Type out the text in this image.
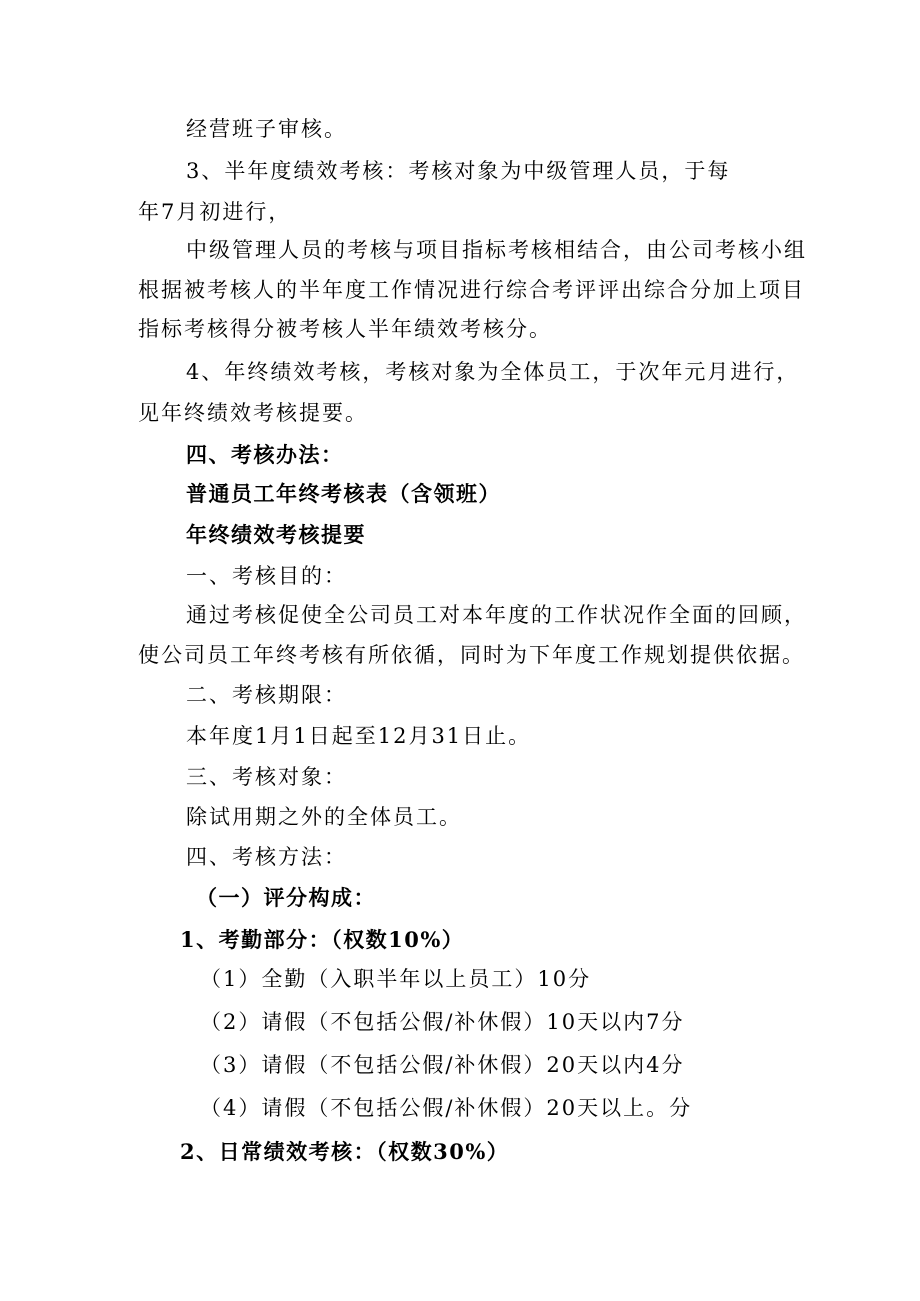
经营班子审核。
3、半年度绩效考核：考核对象为中级管理人员，于每
年7月初进行，
中级管理人员的考核与项目指标考核相结合，由公司考核小组
根据被考核人的半年度工作情况进行综合考评评出综合分加上项目
指标考核得分被考核人半年绩效考核分。
4、年终绩效考核，考核对象为全体员工，于次年元月进行，
见年终绩效考核提要。
四、考核办法：
普通员工年终考核表（含领班）
年终绩效考核提要
一、考核目的：
通过考核促使全公司员工对本年度的工作状况作全面的回顾，
使公司员工年终考核有所依循，同时为下年度工作规划提供依据。
二、考核期限：
本年度1月1日起至12月31日止。
三、考核对象：
除试用期之外的全体员工。
四、考核方法：
（一）评分构成：
1、考勤部分：（权数10%）
（1）全勤（入职半年以上员工）10分
（2）请假（不包括公假/补休假）10天以内7分
（3）请假（不包括公假/补休假）20天以内4分
（4）请假（不包括公假/补休假）20天以上。分
2、日常绩效考核：（权数30%）
